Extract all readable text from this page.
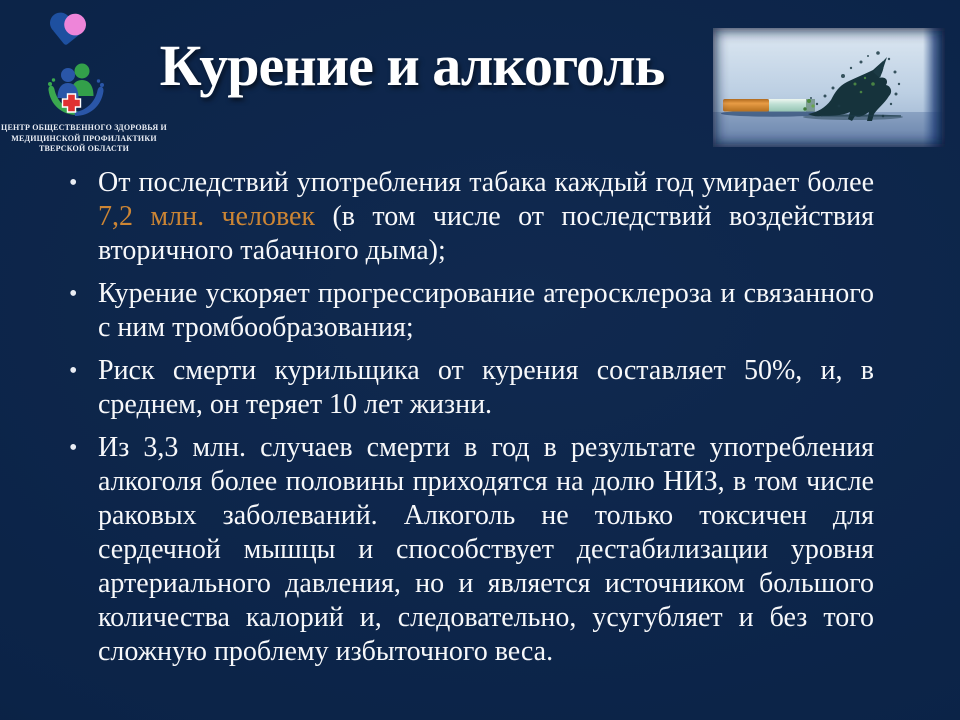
ЦЕНТР ОБЩЕСТВЕННОГО ЗДОРОВЬЯ И
МЕДИЦИНСКОЙ ПРОФИЛАКТИКИ
ТВЕРСКОЙ ОБЛАСТИ
Курение и алкоголь
• От последствий употребления табака каждый год умирает более 7,2 млн. человек (в том числе от последствий воздействия вторичного табачного дыма);
• Курение ускоряет прогрессирование атеросклероза и связанного с ним тромбообразования;
• Риск смерти курильщика от курения составляет 50%, и, в среднем, он теряет 10 лет жизни.
• Из 3,3 млн. случаев смерти в год в результате употребления алкоголя более половины приходятся на долю НИЗ, в том числе раковых заболеваний. Алкоголь не только токсичен для сердечной мышцы и способствует дестабилизации уровня артериального давления, но и является источником большого количества калорий и, следовательно, усугубляет и без того сложную проблему избыточного веса.
